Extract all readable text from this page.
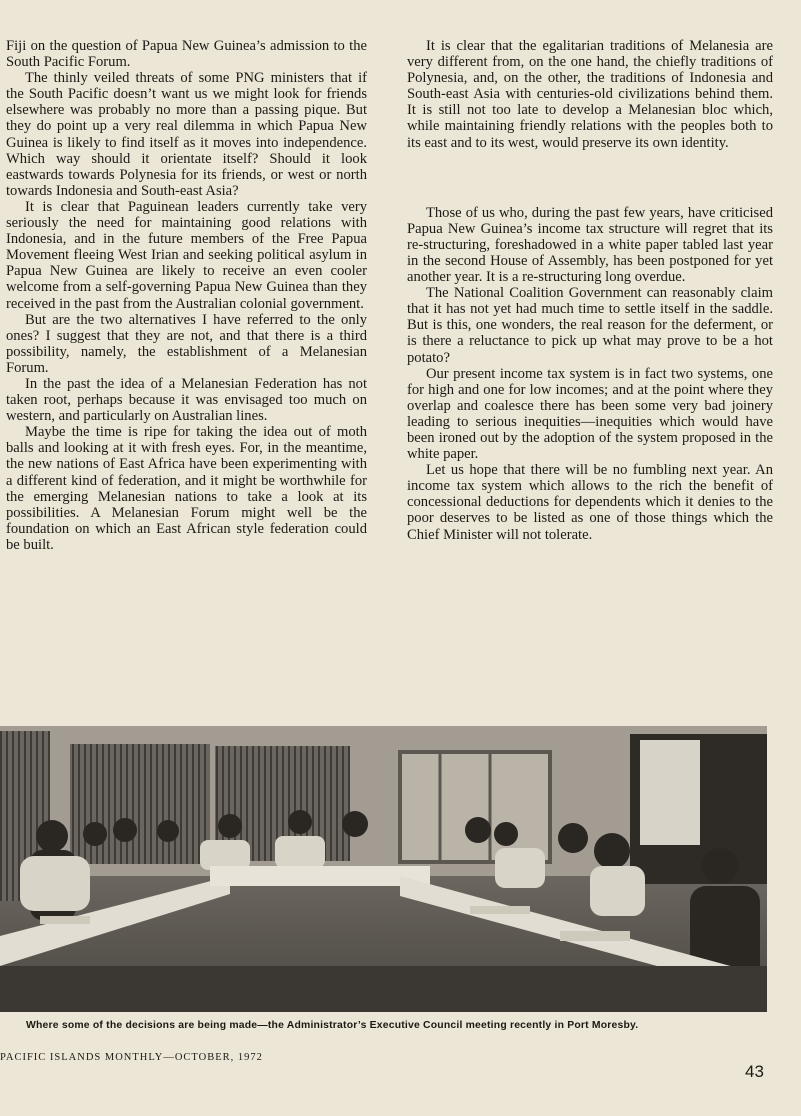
Fiji on the question of Papua New Guinea’s admission to the South Pacific Forum.

The thinly veiled threats of some PNG ministers that if the South Pacific doesn’t want us we might look for friends elsewhere was probably no more than a passing pique. But they do point up a very real dilemma in which Papua New Guinea is likely to find itself as it moves into independence. Which way should it orientate itself? Should it look eastwards towards Polynesia for its friends, or west or north towards Indonesia and South-east Asia?

It is clear that Paguinean leaders currently take very seriously the need for maintaining good relations with Indonesia, and in the future members of the Free Papua Movement fleeing West Irian and seeking political asylum in Papua New Guinea are likely to receive an even cooler welcome from a self-governing Papua New Guinea than they received in the past from the Australian colonial government.

But are the two alternatives I have referred to the only ones? I suggest that they are not, and that there is a third possibility, namely, the establishment of a Melanesian Forum.

In the past the idea of a Melanesian Federation has not taken root, perhaps because it was envisaged too much on western, and particularly on Australian lines.

Maybe the time is ripe for taking the idea out of moth balls and looking at it with fresh eyes. For, in the meantime, the new nations of East Africa have been experimenting with a different kind of federation, and it might be worthwhile for the emerging Melanesian nations to take a look at its possibilities. A Melanesian Forum might well be the foundation on which an East African style federation could be built.

It is clear that the egalitarian traditions of Melanesia are very different from, on the one hand, the chiefly traditions of Polynesia, and, on the other, the traditions of Indonesia and South-east Asia with centuries-old civilizations behind them. It is still not too late to develop a Melanesian bloc which, while maintaining friendly relations with the peoples both to its east and to its west, would preserve its own identity.

Those of us who, during the past few years, have criticised Papua New Guinea’s income tax structure will regret that its re-structuring, foreshadowed in a white paper tabled last year in the second House of Assembly, has been postponed for yet another year. It is a re-structuring long overdue.

The National Coalition Government can reasonably claim that it has not yet had much time to settle itself in the saddle. But is this, one wonders, the real reason for the deferment, or is there a reluctance to pick up what may prove to be a hot potato?

Our present income tax system is in fact two systems, one for high and one for low incomes; and at the point where they overlap and coalesce there has been some very bad joinery leading to serious inequities—inequities which would have been ironed out by the adoption of the system proposed in the white paper.

Let us hope that there will be no fumbling next year. An income tax system which allows to the rich the benefit of concessional deductions for dependents which it denies to the poor deserves to be listed as one of those things which the Chief Minister will not tolerate.

Where some of the decisions are being made—the Administrator’s Executive Council meeting recently in Port Moresby.
PACIFIC ISLANDS MONTHLY—OCTOBER, 1972
43
